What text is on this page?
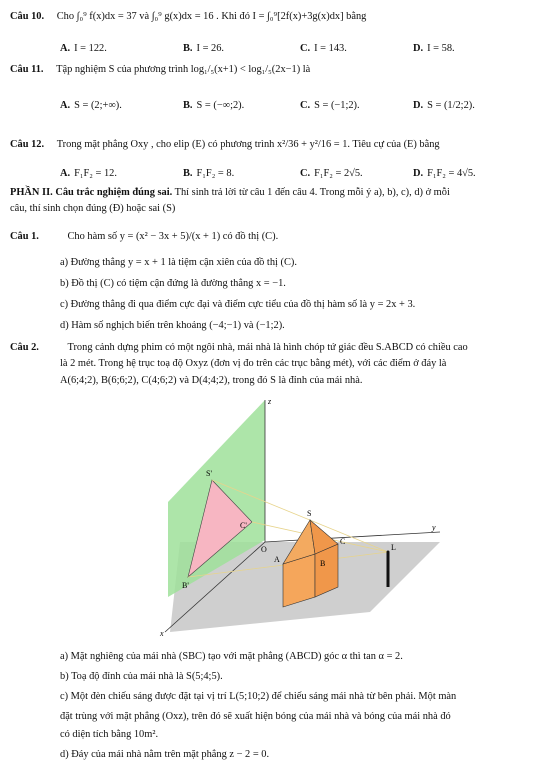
Câu 10. Cho ∫₀⁹ f(x)dx = 37 và ∫₀⁹ g(x)dx = 16 . Khi đó I = ∫₀⁹[2f(x)+3g(x)dx] bằng
A. I = 122.	B. I = 26.	C. I = 143.	D. I = 58.
Câu 11. Tập nghiệm S của phương trình log₁/₅(x+1) < log₁/₅(2x−1) là
A. S = (2;+∞).	B. S = (−∞;2).	C. S = (−1;2).	D. S = (1/2;2).
Câu 12. Trong mặt phẳng Oxy , cho elip (E) có phương trình x²/36 + y²/16 = 1. Tiêu cự của (E) bằng
A. F₁F₂ = 12.	B. F₁F₂ = 8.	C. F₁F₂ = 2√5.	D. F₁F₂ = 4√5.
PHẦN II. Câu trắc nghiệm đúng sai. Thí sinh trả lời từ câu 1 đến câu 4. Trong mỗi ý a), b), c), d) ở mỗi
câu, thí sinh chọn đúng (Đ) hoặc sai (S)
Câu 1.	Cho hàm số y = (x² − 3x + 5)/(x + 1) có đồ thị (C).
a) Đường thẳng y = x + 1 là tiệm cận xiên của đồ thị (C).
b) Đồ thị (C) có tiệm cận đứng là đường thẳng x = −1.
c) Đường thẳng đi qua điểm cực đại và điểm cực tiểu của đồ thị hàm số là y = 2x + 3.
d) Hàm số nghịch biến trên khoảng (−4;−1) và (−1;2).
Câu 2.	Trong cảnh dựng phim có một ngôi nhà, mái nhà là hình chóp tứ giác đều S.ABCD có chiều cao
là 2 mét. Trong hệ trục toạ độ Oxyz (đơn vị đo trên các trục bằng mét), với các điểm ở đáy là
A(6;4;2), B(6;6;2), C(4;6;2) và D(4;4;2), trong đó S là đỉnh của mái nhà.
z
y
x
O
S
C
A	B
L
S'
C'
B'
a) Mặt nghiêng của mái nhà (SBC) tạo với mặt phẳng (ABCD) góc α thì tan α = 2.
b) Toạ độ đỉnh của mái nhà là S(5;4;5).
c) Một đèn chiếu sáng được đặt tại vị trí L(5;10;2) để chiếu sáng mái nhà từ bên phải. Một màn
đặt trùng với mặt phẳng (Oxz), trên đó sẽ xuất hiện bóng của mái nhà và bóng của mái nhà đó
có diện tích bằng 10m².
d) Đáy của mái nhà nằm trên mặt phẳng z − 2 = 0.
